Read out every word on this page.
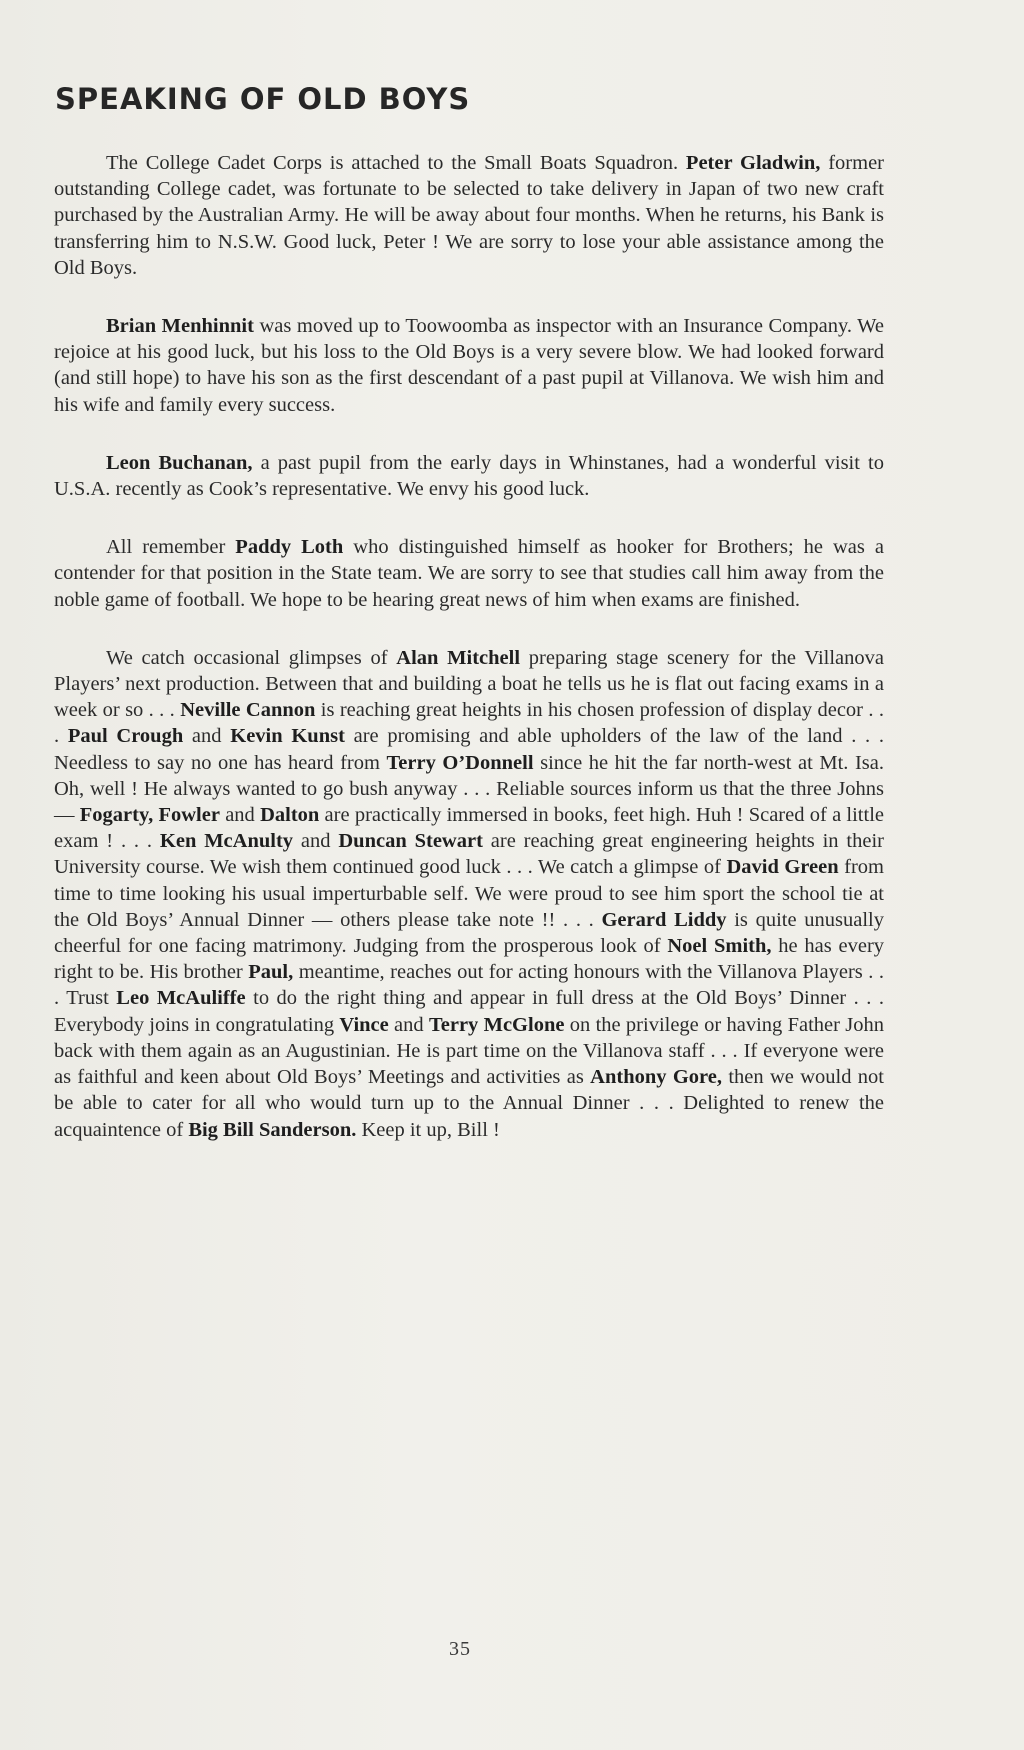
SPEAKING OF OLD BOYS

The College Cadet Corps is attached to the Small Boats Squadron. Peter Gladwin, former outstanding College cadet, was fortunate to be selected to take delivery in Japan of two new craft purchased by the Australian Army. He will be away about four months. When he returns, his Bank is transferring him to N.S.W. Good luck, Peter ! We are sorry to lose your able assistance among the Old Boys.

Brian Menhinnit was moved up to Toowoomba as inspector with an Insurance Company. We rejoice at his good luck, but his loss to the Old Boys is a very severe blow. We had looked forward (and still hope) to have his son as the first descendant of a past pupil at Villanova. We wish him and his wife and family every success.

Leon Buchanan, a past pupil from the early days in Whinstanes, had a wonderful visit to U.S.A. recently as Cook’s representative. We envy his good luck.

All remember Paddy Loth who distinguished himself as hooker for Brothers; he was a contender for that position in the State team. We are sorry to see that studies call him away from the noble game of football. We hope to be hearing great news of him when exams are finished.

We catch occasional glimpses of Alan Mitchell preparing stage scenery for the Villanova Players’ next production. Between that and building a boat he tells us he is flat out facing exams in a week or so . . . Neville Cannon is reaching great heights in his chosen profession of display decor . . . Paul Crough and Kevin Kunst are promising and able upholders of the law of the land . . . Needless to say no one has heard from Terry O’Donnell since he hit the far north-west at Mt. Isa. Oh, well ! He always wanted to go bush anyway . . . Reliable sources inform us that the three Johns — Fogarty, Fowler and Dalton are practically immersed in books, feet high. Huh ! Scared of a little exam ! . . . Ken McAnulty and Duncan Stewart are reaching great engineering heights in their University course. We wish them continued good luck . . . We catch a glimpse of David Green from time to time looking his usual imperturbable self. We were proud to see him sport the school tie at the Old Boys’ Annual Dinner — others please take note !! . . . Gerard Liddy is quite unusually cheerful for one facing matrimony. Judging from the prosperous look of Noel Smith, he has every right to be. His brother Paul, meantime, reaches out for acting honours with the Villanova Players . . . Trust Leo McAuliffe to do the right thing and appear in full dress at the Old Boys’ Dinner . . . Everybody joins in congratulating Vince and Terry McGlone on the privilege or having Father John back with them again as an Augustinian. He is part time on the Villanova staff . . . If everyone were as faithful and keen about Old Boys’ Meetings and activities as Anthony Gore, then we would not be able to cater for all who would turn up to the Annual Dinner . . . Delighted to renew the acquaintence of Big Bill Sanderson. Keep it up, Bill !

35
